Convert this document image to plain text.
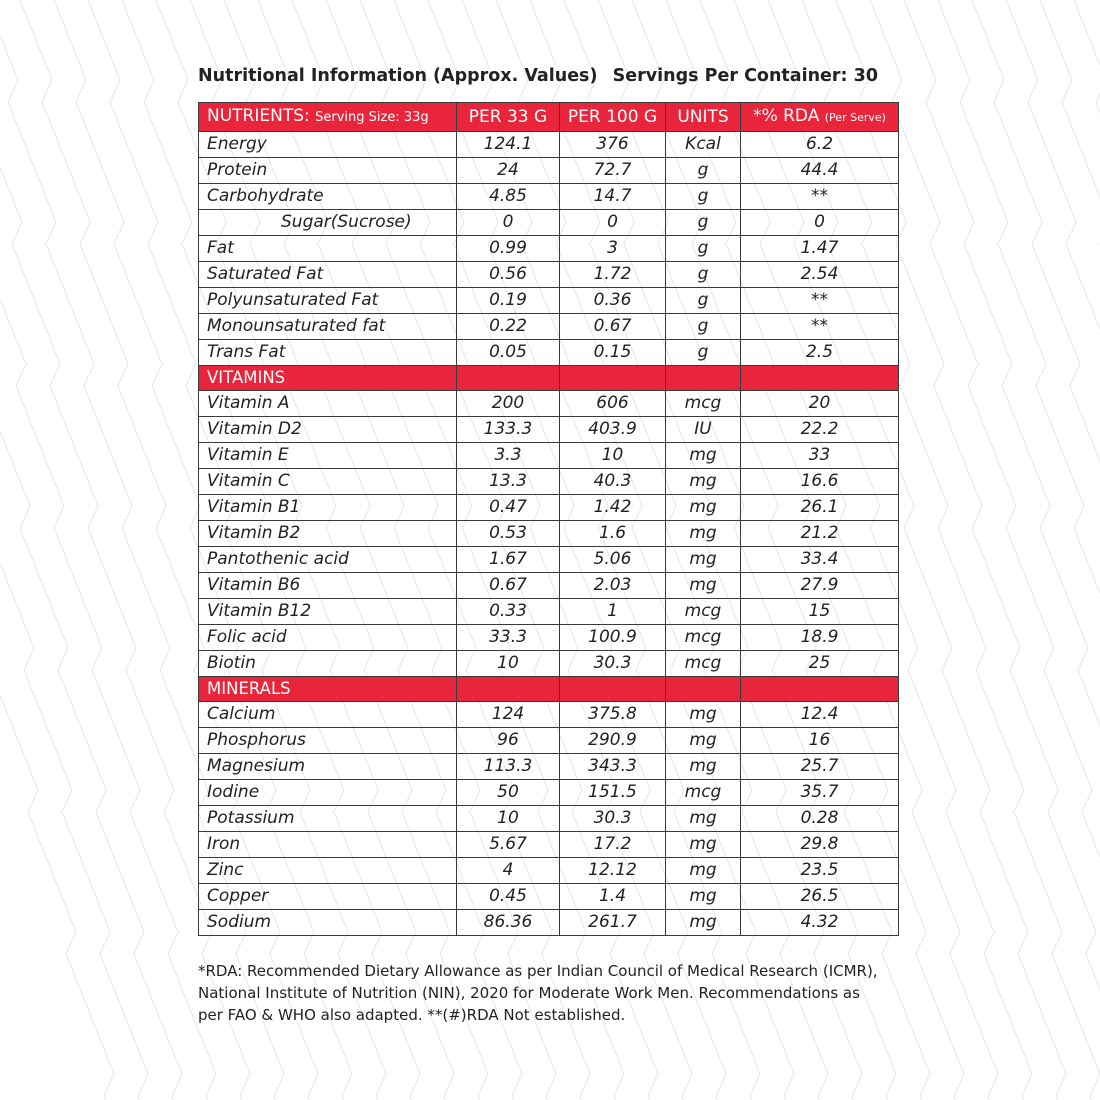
Nutritional Information (Approx. Values) Servings Per Container: 30
NUTRIENTS: Serving Size: 33g	PER 33 G	PER 100 G	UNITS	*% RDA (Per Serve)
Energy	124.1	376	Kcal	6.2
Protein	24	72.7	g	44.4
Carbohydrate	4.85	14.7	g	**
Sugar(Sucrose)	0	0	g	0
Fat	0.99	3	g	1.47
Saturated Fat	0.56	1.72	g	2.54
Polyunsaturated Fat	0.19	0.36	g	**
Monounsaturated fat	0.22	0.67	g	**
Trans Fat	0.05	0.15	g	2.5
VITAMINS				
Vitamin A	200	606	mcg	20
Vitamin D2	133.3	403.9	IU	22.2
Vitamin E	3.3	10	mg	33
Vitamin C	13.3	40.3	mg	16.6
Vitamin B1	0.47	1.42	mg	26.1
Vitamin B2	0.53	1.6	mg	21.2
Pantothenic acid	1.67	5.06	mg	33.4
Vitamin B6	0.67	2.03	mg	27.9
Vitamin B12	0.33	1	mcg	15
Folic acid	33.3	100.9	mcg	18.9
Biotin	10	30.3	mcg	25
MINERALS				
Calcium	124	375.8	mg	12.4
Phosphorus	96	290.9	mg	16
Magnesium	113.3	343.3	mg	25.7
Iodine	50	151.5	mcg	35.7
Potassium	10	30.3	mg	0.28
Iron	5.67	17.2	mg	29.8
Zinc	4	12.12	mg	23.5
Copper	0.45	1.4	mg	26.5
Sodium	86.36	261.7	mg	4.32
*RDA: Recommended Dietary Allowance as per Indian Council of Medical Research (ICMR),
National Institute of Nutrition (NIN), 2020 for Moderate Work Men. Recommendations as
per FAO & WHO also adapted. **(#)RDA Not established.
